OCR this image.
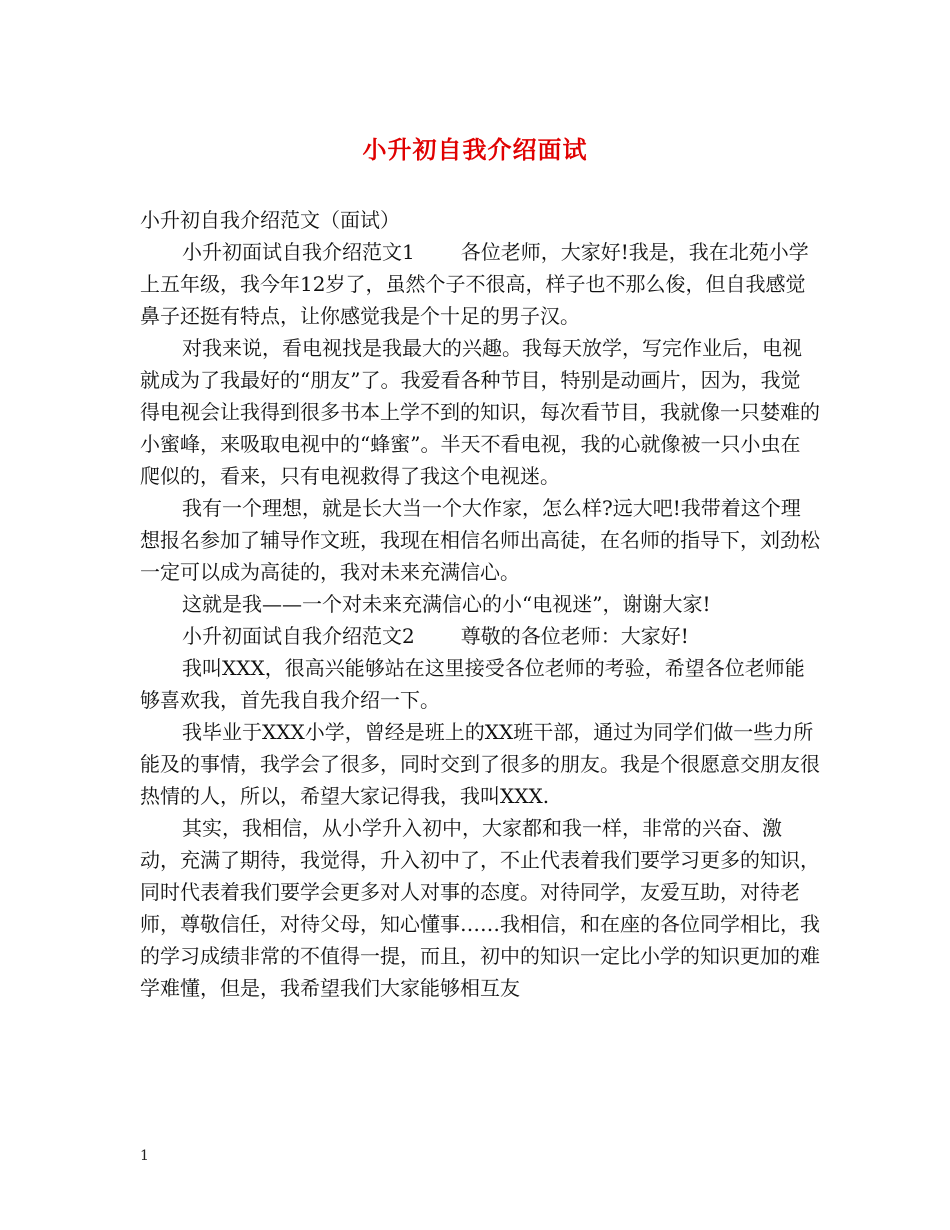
小升初自我介绍面试

小升初自我介绍范文（面试）

小升初面试自我介绍范文1 各位老师，大家好!我是，我在北苑小学上五年级，我今年12岁了，虽然个子不很高，样子也不那么俊，但自我感觉鼻子还挺有特点，让你感觉我是个十足的男子汉。

对我来说，看电视找是我最大的兴趣。我每天放学，写完作业后，电视就成为了我最好的“朋友”了。我爱看各种节目，特别是动画片，因为，我觉得电视会让我得到很多书本上学不到的知识，每次看节目，我就像一只婪难的小蜜峰，来吸取电视中的“蜂蜜”。半天不看电视，我的心就像被一只小虫在爬似的，看来，只有电视救得了我这个电视迷。

我有一个理想，就是长大当一个大作家，怎么样?远大吧!我带着这个理想报名参加了辅导作文班，我现在相信名师出高徒，在名师的指导下，刘劲松一定可以成为高徒的，我对未来充满信心。

这就是我——一个对未来充满信心的小“电视迷”，谢谢大家!

小升初面试自我介绍范文2 尊敬的各位老师：大家好!

我叫XXX，很高兴能够站在这里接受各位老师的考验，希望各位老师能够喜欢我，首先我自我介绍一下。

我毕业于XXX小学，曾经是班上的XX班干部，通过为同学们做一些力所能及的事情，我学会了很多，同时交到了很多的朋友。我是个很愿意交朋友很热情的人，所以，希望大家记得我，我叫XXX.

其实，我相信，从小学升入初中，大家都和我一样，非常的兴奋、激动，充满了期待，我觉得，升入初中了，不止代表着我们要学习更多的知识，同时代表着我们要学会更多对人对事的态度。对待同学，友爱互助，对待老师，尊敬信任，对待父母，知心懂事……我相信，和在座的各位同学相比，我的学习成绩非常的不值得一提，而且，初中的知识一定比小学的知识更加的难学难懂，但是，我希望我们大家能够相互友

1
